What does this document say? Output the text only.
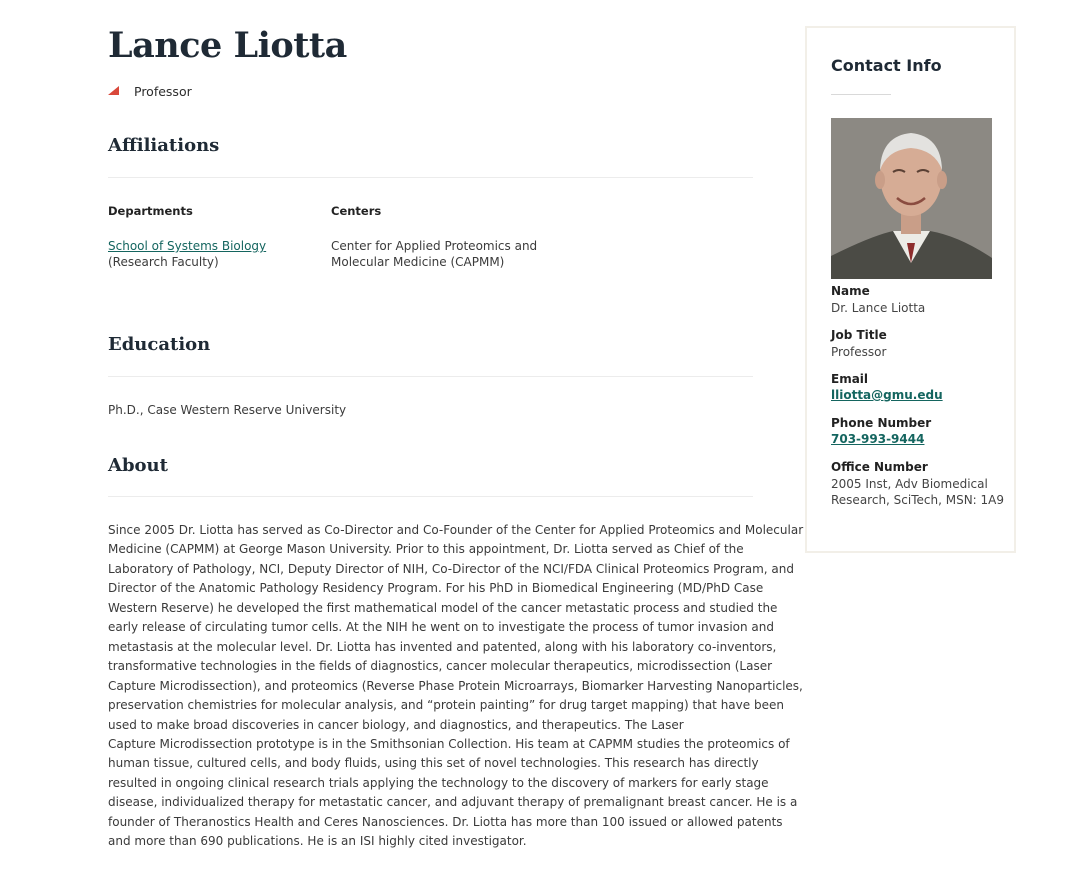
Lance Liotta
Professor
Affiliations
Departments
School of Systems Biology
(Research Faculty)
Centers
Center for Applied Proteomics and
Molecular Medicine (CAPMM)
Education
Ph.D., Case Western Reserve University
About
Since 2005 Dr. Liotta has served as Co-Director and Co-Founder of the Center for Applied Proteomics and Molecular
Medicine (CAPMM) at George Mason University. Prior to this appointment, Dr. Liotta served as Chief of the
Laboratory of Pathology, NCI, Deputy Director of NIH, Co-Director of the NCI/FDA Clinical Proteomics Program, and
Director of the Anatomic Pathology Residency Program. For his PhD in Biomedical Engineering (MD/PhD Case
Western Reserve) he developed the first mathematical model of the cancer metastatic process and studied the
early release of circulating tumor cells. At the NIH he went on to investigate the process of tumor invasion and
metastasis at the molecular level. Dr. Liotta has invented and patented, along with his laboratory co-inventors,
transformative technologies in the fields of diagnostics, cancer molecular therapeutics, microdissection (Laser
Capture Microdissection), and proteomics (Reverse Phase Protein Microarrays, Biomarker Harvesting Nanoparticles,
preservation chemistries for molecular analysis, and “protein painting” for drug target mapping) that have been
used to make broad discoveries in cancer biology, and diagnostics, and therapeutics. The Laser
Capture Microdissection prototype is in the Smithsonian Collection. His team at CAPMM studies the proteomics of
human tissue, cultured cells, and body fluids, using this set of novel technologies. This research has directly
resulted in ongoing clinical research trials applying the technology to the discovery of markers for early stage
disease, individualized therapy for metastatic cancer, and adjuvant therapy of premalignant breast cancer. He is a
founder of Theranostics Health and Ceres Nanosciences. Dr. Liotta has more than 100 issued or allowed patents
and more than 690 publications. He is an ISI highly cited investigator.
Contact Info
Name
Dr. Lance Liotta
Job Title
Professor
Email
lliotta@gmu.edu
Phone Number
703-993-9444
Office Number
2005 Inst, Adv Biomedical
Research, SciTech, MSN: 1A9
